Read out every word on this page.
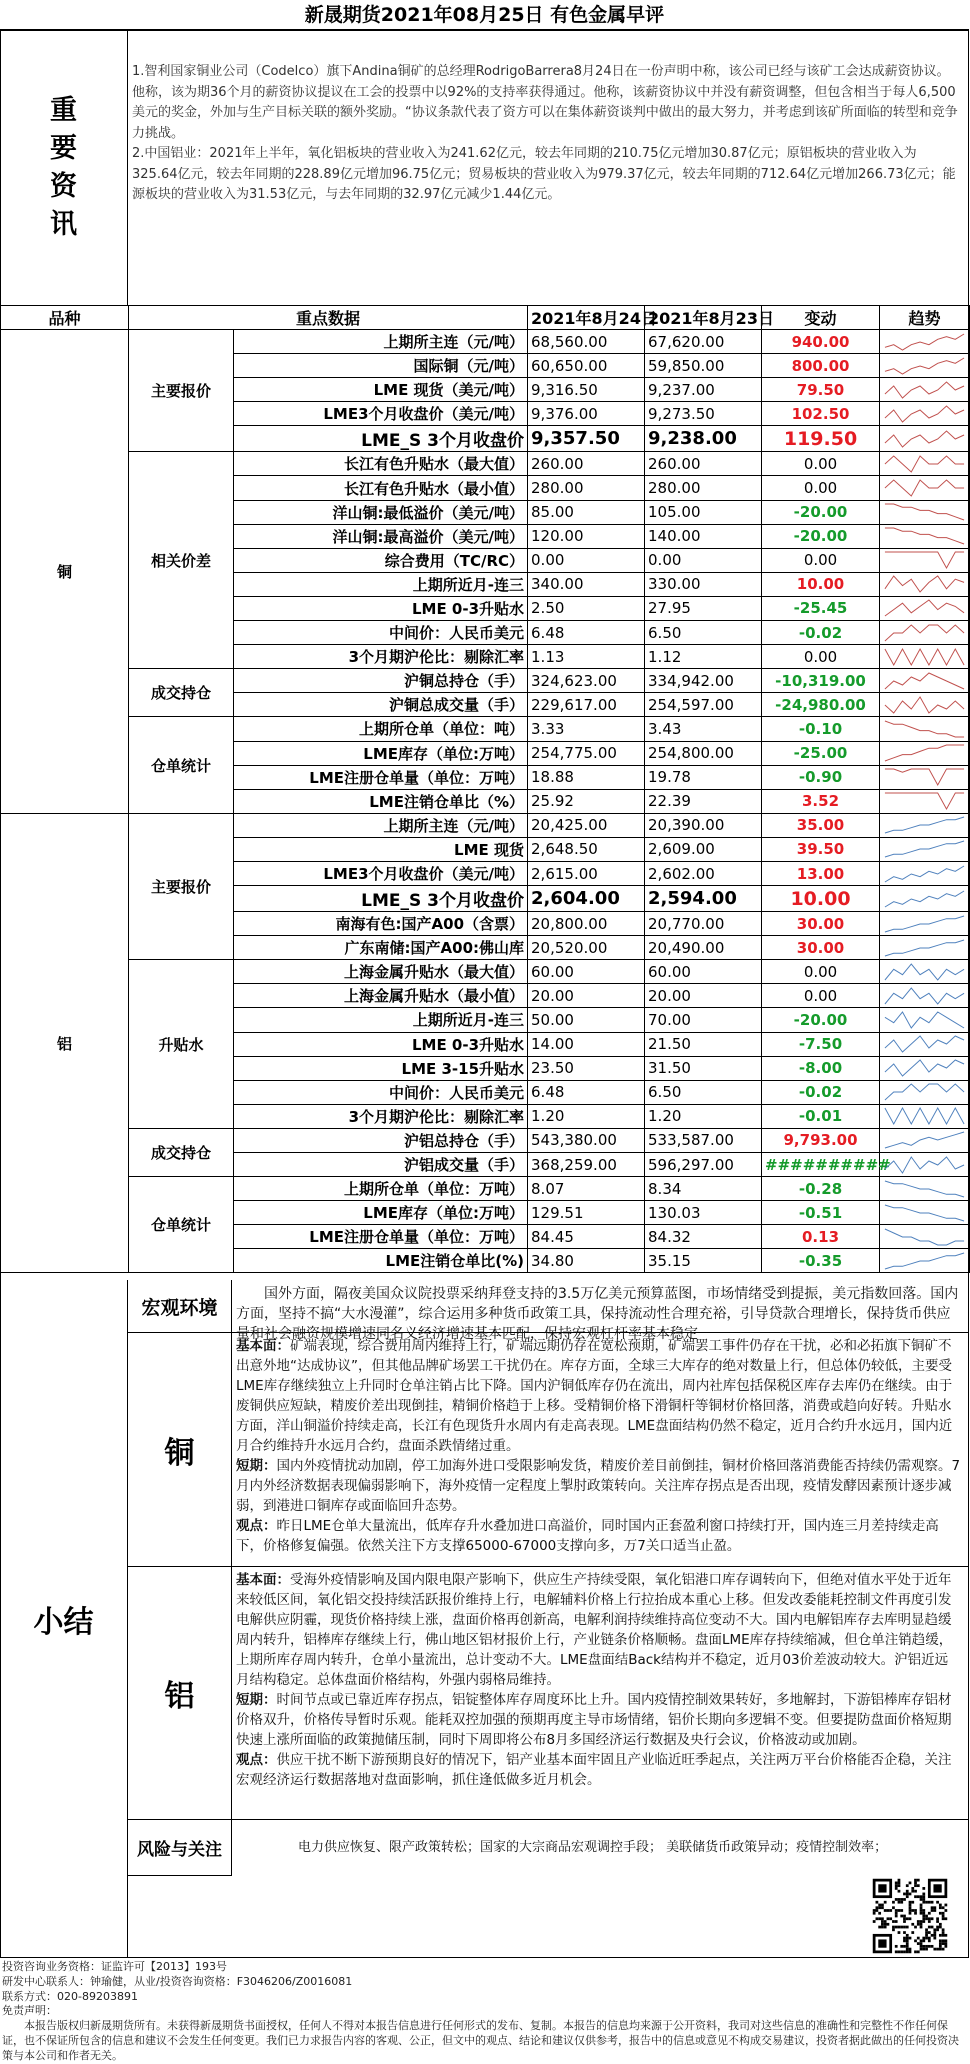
新晟期货2021年08月25日 有色金属早评
重要资讯

1.智利国家铜业公司（Codelco）旗下Andina铜矿的总经理RodrigoBarrera8月24日在一份声明中称，该公司已经与该矿工会达成薪资协议。他称，该为期36个月的薪资协议提议在工会的投票中以92%的支持率获得通过。他称，该薪资协议中并没有薪资调整，但包含相当于每人6,500美元的奖金，外加与生产目标关联的额外奖励。“协议条款代表了资方可以在集体薪资谈判中做出的最大努力，并考虑到该矿所面临的转型和竞争力挑战。

2.中国铝业：2021年上半年，氧化铝板块的营业收入为241.62亿元，较去年同期的210.75亿元增加30.87亿元；原铝板块的营业收入为325.64亿元，较去年同期的228.89亿元增加96.75亿元；贸易板块的营业收入为979.37亿元，较去年同期的712.64亿元增加266.73亿元；能源板块的营业收入为31.53亿元，与去年同期的32.97亿元减少1.44亿元。

品种	重点数据		2021年8月24日	2021年8月23日	变动	趋势
铜	主要报价	上期所主连（元/吨）	68,560.00	67,620.00	940.00	

		国际铜（元/吨）	60,650.00	59,850.00	800.00	

		LME 现货（美元/吨）	9,316.50	9,237.00	79.50	

		LME3个月收盘价（美元/吨）	9,376.00	9,273.50	102.50	

		LME_S 3个月收盘价	9,357.50	9,238.00	119.50	

	相关价差	长江有色升贴水（最大值）	260.00	260.00	0.00	

		长江有色升贴水（最小值）	280.00	280.00	0.00	

		洋山铜:最低溢价（美元/吨）	85.00	105.00	-20.00	

		洋山铜:最高溢价（美元/吨）	120.00	140.00	-20.00	

		综合费用（TC/RC）	0.00	0.00	0.00	

		上期所近月-连三	340.00	330.00	10.00	

		LME 0-3升贴水	2.50	27.95	-25.45	

		中间价：人民币美元	6.48	6.50	-0.02	

		3个月期沪伦比：剔除汇率	1.13	1.12	0.00	

	成交持仓	沪铜总持仓（手）	324,623.00	334,942.00	-10,319.00	

		沪铜总成交量（手）	229,617.00	254,597.00	-24,980.00	

	仓单统计	上期所仓单（单位：吨）	3.33	3.43	-0.10	

		LME库存（单位:万吨）	254,775.00	254,800.00	-25.00	

		LME注册仓单量（单位：万吨）	18.88	19.78	-0.90	

		LME注销仓单比（%）	25.92	22.39	3.52	

铝	主要报价	上期所主连（元/吨）	20,425.00	20,390.00	35.00	

		LME 现货	2,648.50	2,609.00	39.50	

		LME3个月收盘价（美元/吨）	2,615.00	2,602.00	13.00	

		LME_S 3个月收盘价	2,604.00	2,594.00	10.00	

		南海有色:国产A00（含票）	20,800.00	20,770.00	30.00	

		广东南储:国产A00:佛山库	20,520.00	20,490.00	30.00	

	升贴水	上海金属升贴水（最大值）	60.00	60.00	0.00	

		上海金属升贴水（最小值）	20.00	20.00	0.00	

		上期所近月-连三	50.00	70.00	-20.00	

		LME 0-3升贴水	14.00	21.50	-7.50	

		LME 3-15升贴水	23.50	31.50	-8.00	

		中间价：人民币美元	6.48	6.50	-0.02	

		3个月期沪伦比：剔除汇率	1.20	1.20	-0.01	

	成交持仓	沪铝总持仓（手）	543,380.00	533,587.00	9,793.00	

		沪铝成交量（手）	368,259.00	596,297.00	##########	

	仓单统计	上期所仓单（单位：万吨）	8.07	8.34	-0.28	

		LME库存（单位:万吨）	129.51	130.03	-0.51	

		LME注册仓单量（单位：万吨）	84.45	84.32	0.13	

		LME注销仓单比(%)	34.80	35.15	-0.35	
小结
宏观环境
国外方面，隔夜美国众议院投票采纳拜登支持的3.5万亿美元预算蓝图，市场情绪受到提振，美元指数回落。国内方面，坚持不搞“大水漫灌”，综合运用多种货币政策工具，保持流动性合理充裕，引导贷款合理增长，保持货币供应量和社会融资规模增速同名义经济增速基本匹配，保持宏观杠杆率基本稳定
铜
基本面：矿端表现，综合费用周内维持上行，矿端远期仍存在宽松预期，矿端罢工事件仍存在干扰，必和必拓旗下铜矿不出意外地“达成协议”，但其他品牌矿场罢工干扰仍在。库存方面，全球三大库存的绝对数量上行，但总体仍较低，主要受LME库存继续独立上升同时仓单注销占比下降。国内沪铜低库存仍在流出，周内社库包括保税区库存去库仍在继续。由于废铜供应短缺，精废价差出现倒挂，精铜价格趋于上移。受精铜价格下滑铜杆等铜材价格回落，消费或趋向好转。升贴水方面，洋山铜溢价持续走高，长江有色现货升水周内有走高表现。LME盘面结构仍然不稳定，近月合约升水远月，国内近月合约维持升水远月合约，盘面杀跌情绪过重。
短期：国内外疫情扰动加剧，停工加海外进口受限影响发货，精废价差目前倒挂，铜材价格回落消费能否持续仍需观察。7月内外经济数据表现偏弱影响下，海外疫情一定程度上掣肘政策转向。关注库存拐点是否出现，疫情发酵因素预计逐步减弱，到港进口铜库存或面临回升态势。
观点：昨日LME仓单大量流出，低库存升水叠加进口高溢价，同时国内正套盈利窗口持续打开，国内连三月差持续走高下，价格修复偏强。依然关注下方支撑65000-67000支撑向多，万7关口适当止盈。
铝
基本面：受海外疫情影响及国内限电限产影响下，供应生产持续受限，氧化铝港口库存调转向下，但绝对值水平处于近年来较低区间，氧化铝交投持续活跃报价维持上行，电解辅料价格上行拉抬成本重心上移。但发改委能耗控制文件再度引发电解供应阴霾，现货价格持续上涨，盘面价格再创新高，电解利润持续维持高位变动不大。国内电解铝库存去库明显趋缓周内转升，铝棒库存继续上行，佛山地区铝材报价上行，产业链条价格顺畅。盘面LME库存持续缩减，但仓单注销趋缓，上期所库存周内转升，仓单小量流出，总计变动不大。LME盘面结Back结构并不稳定，近月03价差波动较大。沪铝近远月结构稳定。总体盘面价格结构，外强内弱格局维持。
短期：时间节点或已靠近库存拐点，铝锭整体库存周度环比上升。国内疫情控制效果转好，多地解封，下游铝棒库存铝材价格双升，价格传导暂时乐观。能耗双控加强的预期再度主导市场情绪，铝价长期向多逻辑不变。但要提防盘面价格短期快速上涨所面临的政策抛储压制，同时下周即将公布8月多国经济运行数据及央行会议，价格波动或加剧。
观点：供应干扰不断下游预期良好的情况下，铝产业基本面牢固且产业临近旺季起点，关注两万平台价格能否企稳，关注宏观经济运行数据落地对盘面影响，抓住逢低做多近月机会。
风险与关注	电力供应恢复、限产政策转松；国家的大宗商品宏观调控手段； 美联储货币政策异动；疫情控制效率；
投资咨询业务资格：证监许可【2013】193号
研发中心联系人：钟瑜健，从业/投资咨询资格：F3046206/Z0016081
联系方式：020-89203891
免责声明：
本报告版权归新晟期货所有。未获得新晟期货书面授权，任何人不得对本报告信息进行任何形式的发布、复制。本报告的信息均来源于公开资料，我司对这些信息的准确性和完整性不作任何保证，也不保证所包含的信息和建议不会发生任何变更。我们已力求报告内容的客观、公正，但文中的观点、结论和建议仅供参考，报告中的信息或意见不构成交易建议，投资者据此做出的任何投资决策与本公司和作者无关。
